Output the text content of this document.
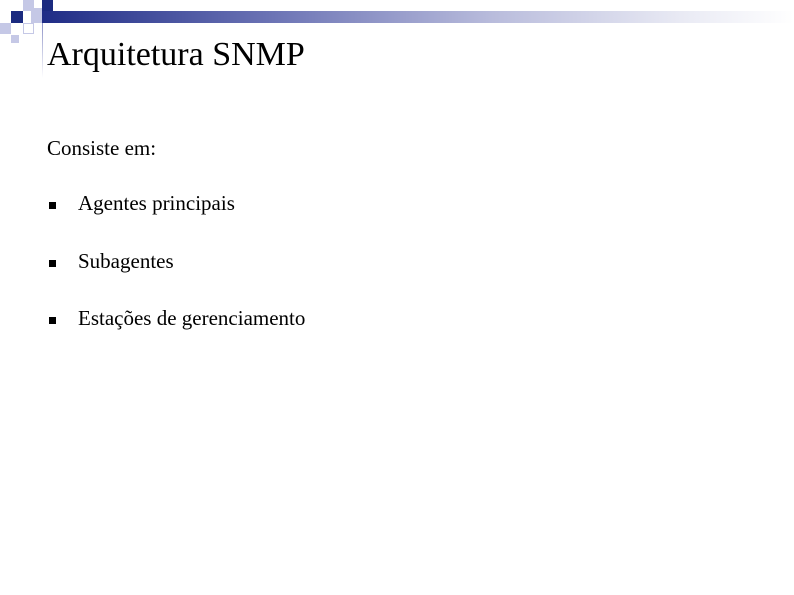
Arquitetura SNMP
Consiste em:
Agentes principais
Subagentes
Estações de gerenciamento
